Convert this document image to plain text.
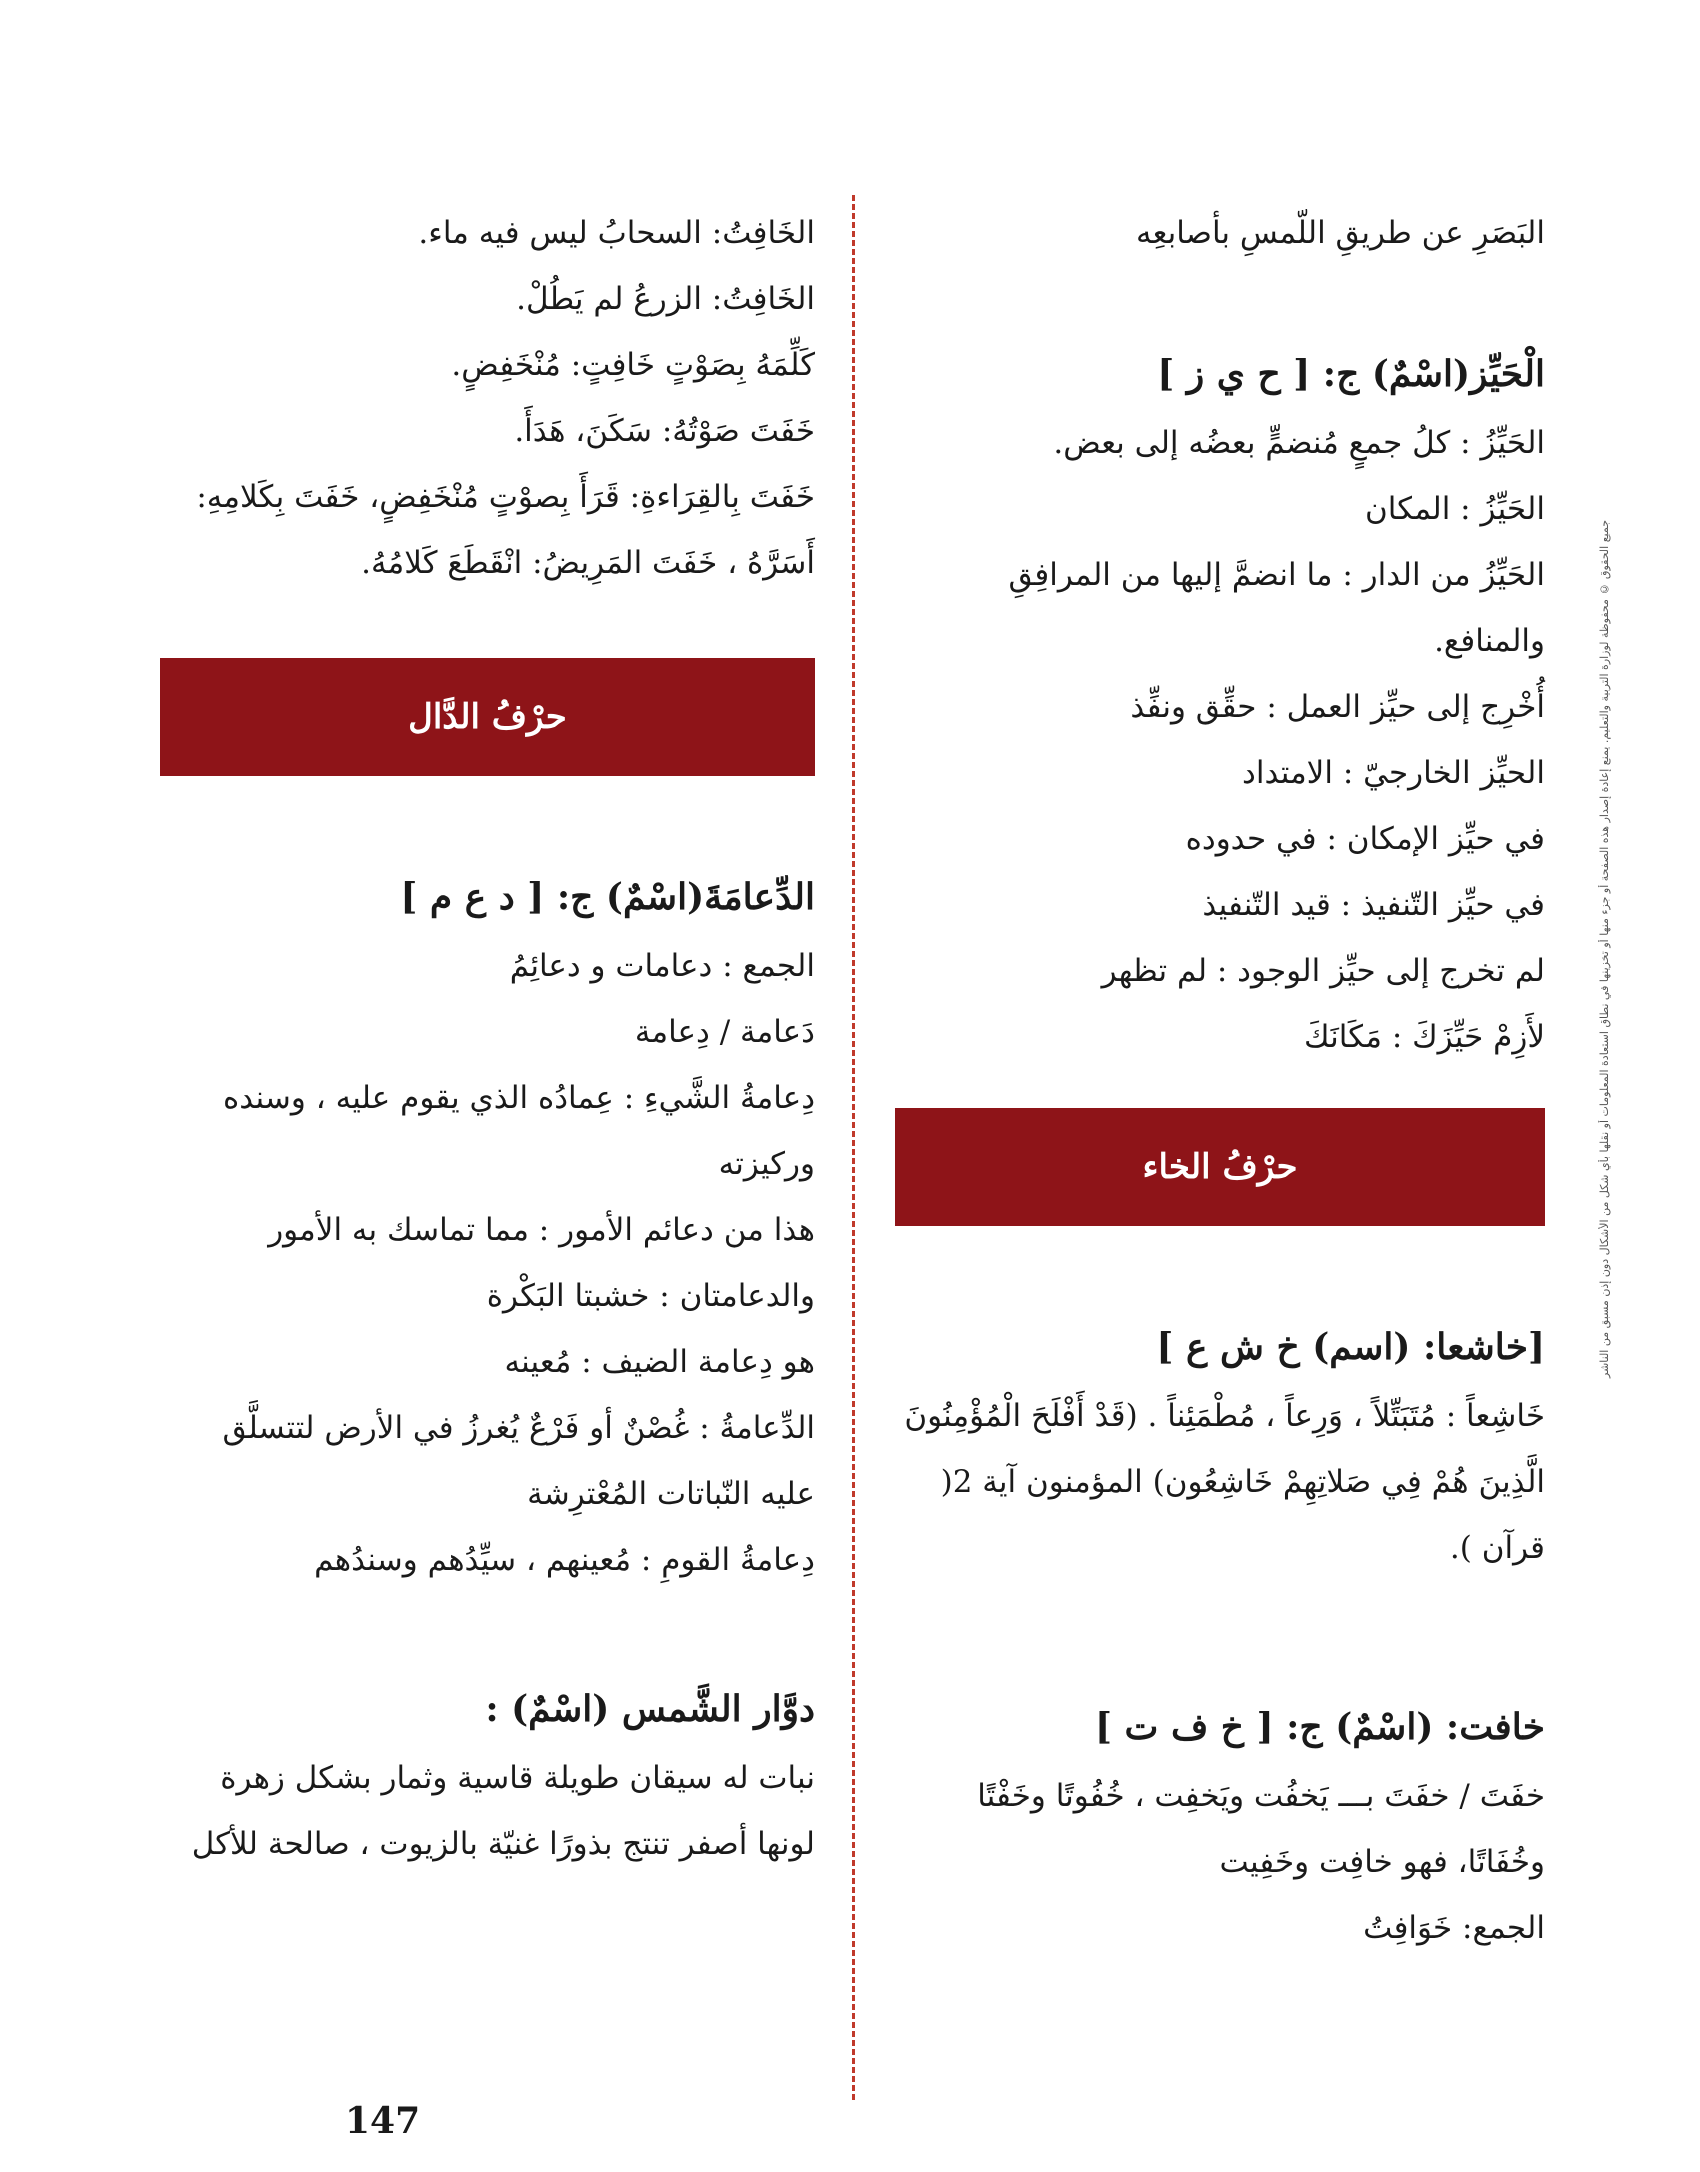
البَصَرِ عن طريقِ اللّمسِ بأصابعِه
الْحَيِّز(اسْمٌ) ج: [ ح ي ز ]
الحَيِّزُ : كلُ جمعٍ مُنضمٍّ بعضُه إلى بعض.
الحَيِّزُ : المكان
الحَيِّزُ من الدار : ما انضمَّ إليها من المرافِقِ والمنافع.
أُخْرِج إلى حيِّز العمل : حقِّق ونفِّذ
الحيِّز الخارجيّ : الامتداد
في حيِّز الإمكان : في حدوده
في حيِّز التّنفيذ : قيد التّنفيذ
لم تخرج إلى حيِّز الوجود : لم تظهر
لأَزِمْ حَيِّزَكَ : مَكَانَكَ
حرْفُ الخاء
[خاشعا: (اسم) خ ش ع ]
خَاشِعاً : مُتَبَتِّلاً ، وَرِعاً ، مُطْمَئِناً . (قَدْ أَفْلَحَ الْمُؤْمِنُونَ الَّذِينَ هُمْ فِي صَلاتِهِمْ خَاشِعُون) المؤمنون آية 2( قرآن ).
خافت: (اسْمٌ) ج: [ خ ف ت ]
خفَتَ / خفَتَ بـــ يَخفُت ويَخفِت ، خُفُوتًا وخَفْتًا وخُفَاتًا، فهو خافِت وخَفِيت
الجمع: خَوَافِتُ
الخَافِتُ: السحابُ ليس فيه ماء.
الخَافِتُ: الزرعُ لم يَطُلْ.
كَلِّمَهُ بِصَوْتٍ خَافِتٍ: مُنْخَفِضٍ.
خَفَتَ صَوْتُهُ: سَكَنَ، هَدَأَ.
خَفَتَ بِالقِرَاءةِ: قَرَأَ بِصوْتٍ مُنْخَفِضٍ، خَفَتَ بِكَلامِهِ: أَسَرَّهُ ، خَفَتَ المَرِيضُ: انْقَطَعَ كَلامُهُ.
حرْفُ الدَّال
الدِّعامَةَ(اسْمٌ) ج: [ د ع م ]
الجمع : دعامات و دعائِمُ
دَعامة / دِعامة
دِعامةُ الشَّيءِ : عِمادُه الذي يقوم عليه ، وسنده وركيزته
هذا من دعائم الأمور : مما تماسك به الأمور
والدعامتان : خشبتا البَكْرة
هو دِعامة الضيف : مُعينه
الدِّعامةُ : غُصْنٌ أو فَرْعٌ يُغرزُ في الأرض لتتسلَّق عليه النّباتات المُعْترِشة
دِعامةُ القومِ : مُعينهم ، سيِّدُهم وسندُهم
دوَّار الشَّمس (اسْمٌ) :
نبات له سيقان طويلة قاسية وثمار بشكل زهرة لونها أصفر تنتج بذورًا غنيّة بالزيوت ، صالحة للأكل
جميع الحقوق © محفوظة لوزارة التربية والتعليم. يمنع إعادة إصدار هذه الصفحة أو جزء منها أو تخزينها في نطاق استعادة المعلومات أو نقلها بأي شكل من الأشكال دون إذن مسبق من الناشر
147
